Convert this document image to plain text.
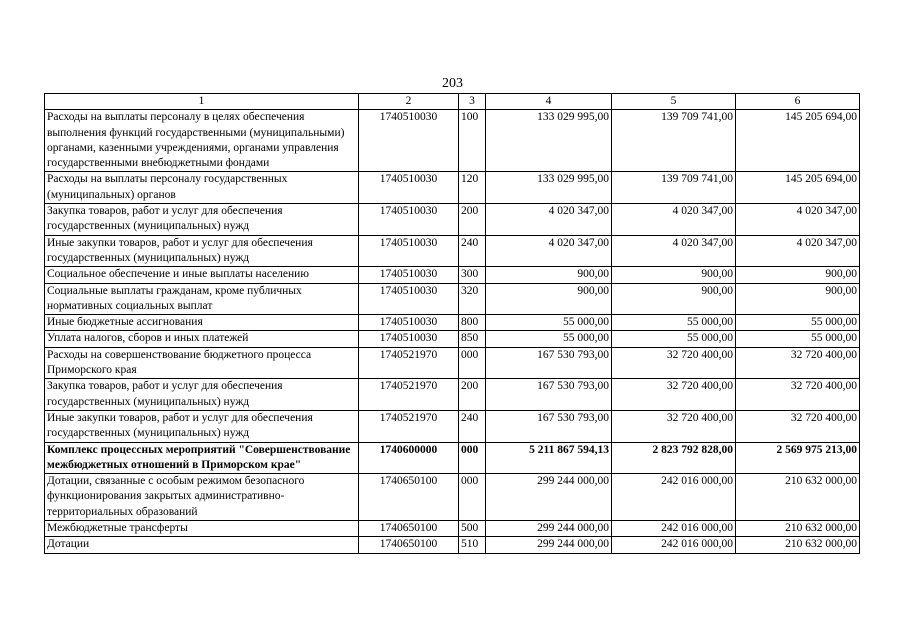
203
1	2	3	4	5	6
Расходы на выплаты персоналу в целях обеспечения выполнения функций государственными (муниципальными) органами, казенными учреждениями, органами управления государственными внебюджетными фондами	1740510030	100	133 029 995,00	139 709 741,00	145 205 694,00
Расходы на выплаты персоналу государственных (муниципальных) органов	1740510030	120	133 029 995,00	139 709 741,00	145 205 694,00
Закупка товаров, работ и услуг для обеспечения государственных (муниципальных) нужд	1740510030	200	4 020 347,00	4 020 347,00	4 020 347,00
Иные закупки товаров, работ и услуг для обеспечения государственных (муниципальных) нужд	1740510030	240	4 020 347,00	4 020 347,00	4 020 347,00
Социальное обеспечение и иные выплаты населению	1740510030	300	900,00	900,00	900,00
Социальные выплаты гражданам, кроме публичных нормативных социальных выплат	1740510030	320	900,00	900,00	900,00
Иные бюджетные ассигнования	1740510030	800	55 000,00	55 000,00	55 000,00
Уплата налогов, сборов и иных платежей	1740510030	850	55 000,00	55 000,00	55 000,00
Расходы на совершенствование бюджетного процесса Приморского края	1740521970	000	167 530 793,00	32 720 400,00	32 720 400,00
Закупка товаров, работ и услуг для обеспечения государственных (муниципальных) нужд	1740521970	200	167 530 793,00	32 720 400,00	32 720 400,00
Иные закупки товаров, работ и услуг для обеспечения государственных (муниципальных) нужд	1740521970	240	167 530 793,00	32 720 400,00	32 720 400,00
Комплекс процессных мероприятий "Совершенствование межбюджетных отношений в Приморском крае"	1740600000	000	5 211 867 594,13	2 823 792 828,00	2 569 975 213,00
Дотации, связанные с особым режимом безопасного функционирования закрытых административно-территориальных образований	1740650100	000	299 244 000,00	242 016 000,00	210 632 000,00
Межбюджетные трансферты	1740650100	500	299 244 000,00	242 016 000,00	210 632 000,00
Дотации	1740650100	510	299 244 000,00	242 016 000,00	210 632 000,00
